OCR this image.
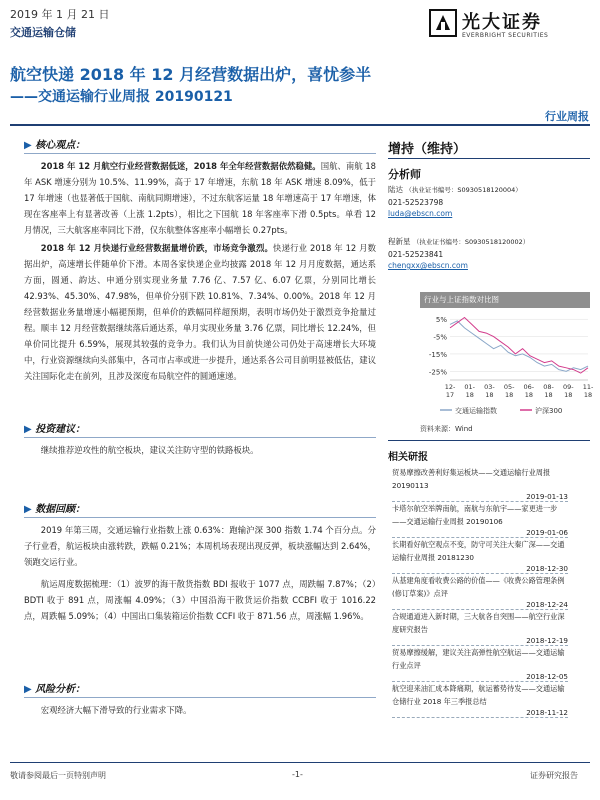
2019 年 1 月 21 日
交通运输仓储	光大证券
EVERBRIGHT SECURITIES
航空快递 2018 年 12 月经营数据出炉，喜忧参半
——交通运输行业周报 20190121
行业周报
▶ 核心观点：
2018 年 12 月航空行业经营数据低迷，2018 年全年经营数据依然稳健。国航、南航 18 年 ASK 增速分别为 10.5%、11.99%，高于 17 年增速，东航 18 年 ASK 增速 8.09%，低于 17 年增速（也显著低于国航、南航同期增速），不过东航客运量 18 年增速高于 17 年增速，体现在客座率上有显著改善（上涨 1.2pts），相比之下国航 18 年客座率下滑 0.5pts。单看 12 月情况，三大航客座率同比下滑，仅东航整体客座率小幅增长 0.27pts。
2018 年 12 月快递行业经营数据量增价跌，市场竞争激烈。快递行业 2018 年 12 月数据出炉，高速增长伴随单价下滑。本周各家快递企业均披露 2018 年 12 月月度数据，通达系方面，圆通、韵达、申通分别实现业务量 7.76 亿、7.57 亿、6.07 亿票，分别同比增长 42.93%、45.30%、47.98%，但单价分别下跌 10.81%、7.34%、0.00%。2018 年 12 月经营数据业务量增速小幅褪预期，但单价的跌幅同样超预期，表明市场仍处于激烈竞争抢量过程。顺丰 12 月经营数据继续落后通达系，单月实现业务量 3.76 亿票，同比增长 12.24%，但单价同比提升 6.59%，展现其较强的竞争力。我们认为目前快递公司仍处于高速增长大环境中，行业资源继续向头部集中，各司市占率或进一步提升，通达系各公司目前明显被低估，建议关注国际化走在前列，且涉及深度布局航空件的圆通速递。
▶ 投资建议：
继续推荐逆攻性的航空板块，建议关注防守型的铁路板块。
▶ 数据回顾：
2019 年第三周，交通运输行业指数上涨 0.63%：跑输沪深 300 指数 1.74 个百分点。分子行业看，航运板块由涨转跌，跌幅 0.21%；本周机场表现出现反弹，板块涨幅达到 2.64%，领跑交运行业。
航运周度数据梳理：（1）波罗的海干散货指数 BDI 报收于 1077 点，周跌幅 7.87%；（2）BDTI 收于 891 点，周涨幅 4.09%；（3）中国沿海干散货运价指数 CCBFI 收于 1016.22 点，周跌幅 5.09%；（4）中国出口集装箱运价指数 CCFI 收于 871.56 点，周涨幅 1.96%。
▶ 风险分析：
宏观经济大幅下滑导致的行业需求下降。
增持（维持）
分析师
陆达 （执业证书编号：S0930518120004）
021-52523798
luda@ebscn.com
程新星 （执业证书编号：S0930518120002）
021-52523841
chengxx@ebscn.com
行业与上证指数对比图
5%
-5%
-15%
-25%
12-
17
01-
18
03-
18
05-
18
06-
18
08-
18
09-
18
11-
18
交通运输指数	沪深300
资料来源：Wind
相关研报
贸易摩擦改善利好集运板块——交通运输行业周报 20190113
2019-01-13
卡塔尔航空举牌南航，南航与东航宇——家更进一步——交通运输行业周报 20190106
2019-01-06
长期看好航空观点不变，防守可关注大秦广深——交通运输行业周报 20181230
2018-12-30
从基建角度看收费公路的价值——《收费公路管理条例(修订草案)》点评
2018-12-24
合规通道进入新时期，三大航各自突围——航空行业深度研究报告
2018-12-19
贸易摩擦缓解，建议关注高弹性航空航运——交通运输行业点评
2018-12-05
航空迎来油汇成本降痛期，航运蓄势待发——交通运输仓储行业 2018 年三季报总结
2018-11-12
敬请参阅最后一页特别声明	-1-	证券研究报告
